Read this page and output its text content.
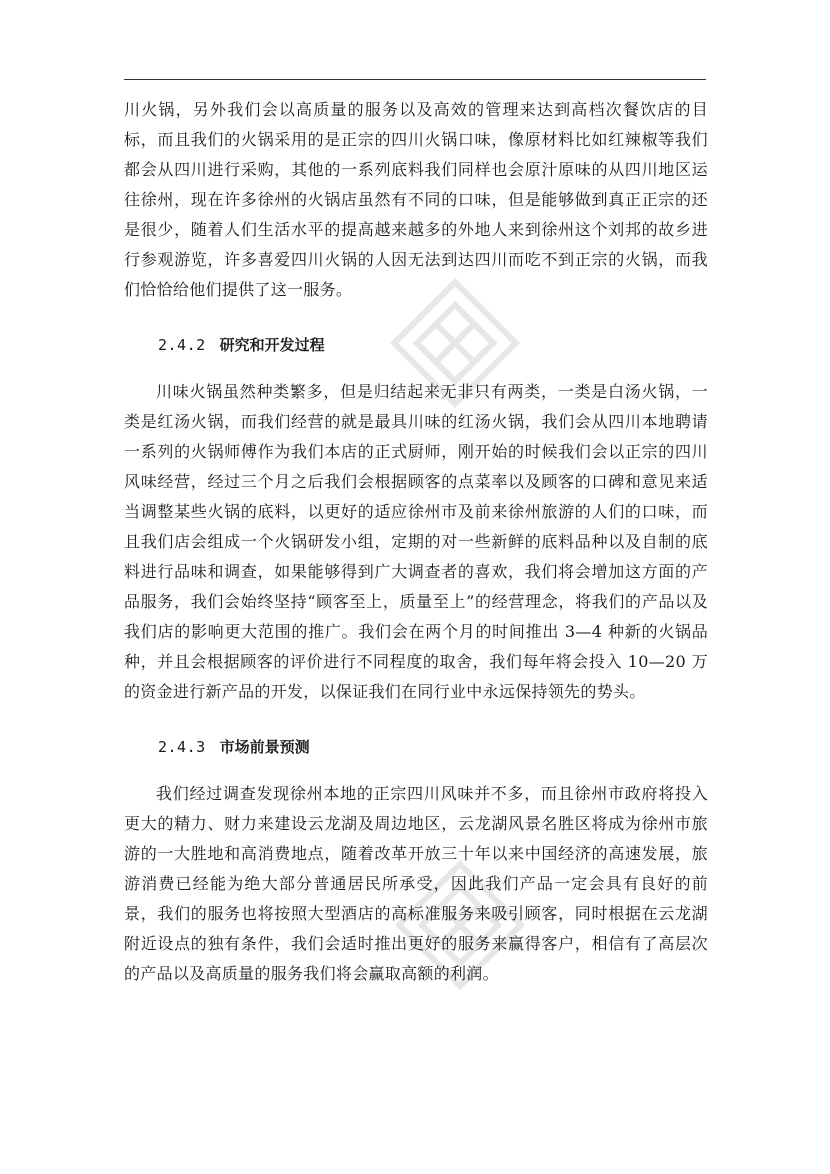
川火锅，另外我们会以高质量的服务以及高效的管理来达到高档次餐饮店的目标，而且我们的火锅采用的是正宗的四川火锅口味，像原材料比如红辣椒等我们都会从四川进行采购，其他的一系列底料我们同样也会原汁原味的从四川地区运往徐州，现在许多徐州的火锅店虽然有不同的口味，但是能够做到真正正宗的还是很少，随着人们生活水平的提高越来越多的外地人来到徐州这个刘邦的故乡进行参观游览，许多喜爱四川火锅的人因无法到达四川而吃不到正宗的火锅，而我们恰恰给他们提供了这一服务。

2.4.2 研究和开发过程

川味火锅虽然种类繁多，但是归结起来无非只有两类，一类是白汤火锅，一类是红汤火锅，而我们经营的就是最具川味的红汤火锅，我们会从四川本地聘请一系列的火锅师傅作为我们本店的正式厨师，刚开始的时候我们会以正宗的四川风味经营，经过三个月之后我们会根据顾客的点菜率以及顾客的口碑和意见来适当调整某些火锅的底料，以更好的适应徐州市及前来徐州旅游的人们的口味，而且我们店会组成一个火锅研发小组，定期的对一些新鲜的底料品种以及自制的底料进行品味和调查，如果能够得到广大调查者的喜欢，我们将会增加这方面的产品服务，我们会始终坚持“顾客至上，质量至上”的经营理念，将我们的产品以及我们店的影响更大范围的推广。我们会在两个月的时间推出 3—4 种新的火锅品种，并且会根据顾客的评价进行不同程度的取舍，我们每年将会投入 10—20 万的资金进行新产品的开发，以保证我们在同行业中永远保持领先的势头。

2.4.3 市场前景预测

我们经过调查发现徐州本地的正宗四川风味并不多，而且徐州市政府将投入更大的精力、财力来建设云龙湖及周边地区，云龙湖风景名胜区将成为徐州市旅游的一大胜地和高消费地点，随着改革开放三十年以来中国经济的高速发展，旅游消费已经能为绝大部分普通居民所承受，因此我们产品一定会具有良好的前景，我们的服务也将按照大型酒店的高标准服务来吸引顾客，同时根据在云龙湖附近设点的独有条件，我们会适时推出更好的服务来赢得客户，相信有了高层次的产品以及高质量的服务我们将会赢取高额的利润。
